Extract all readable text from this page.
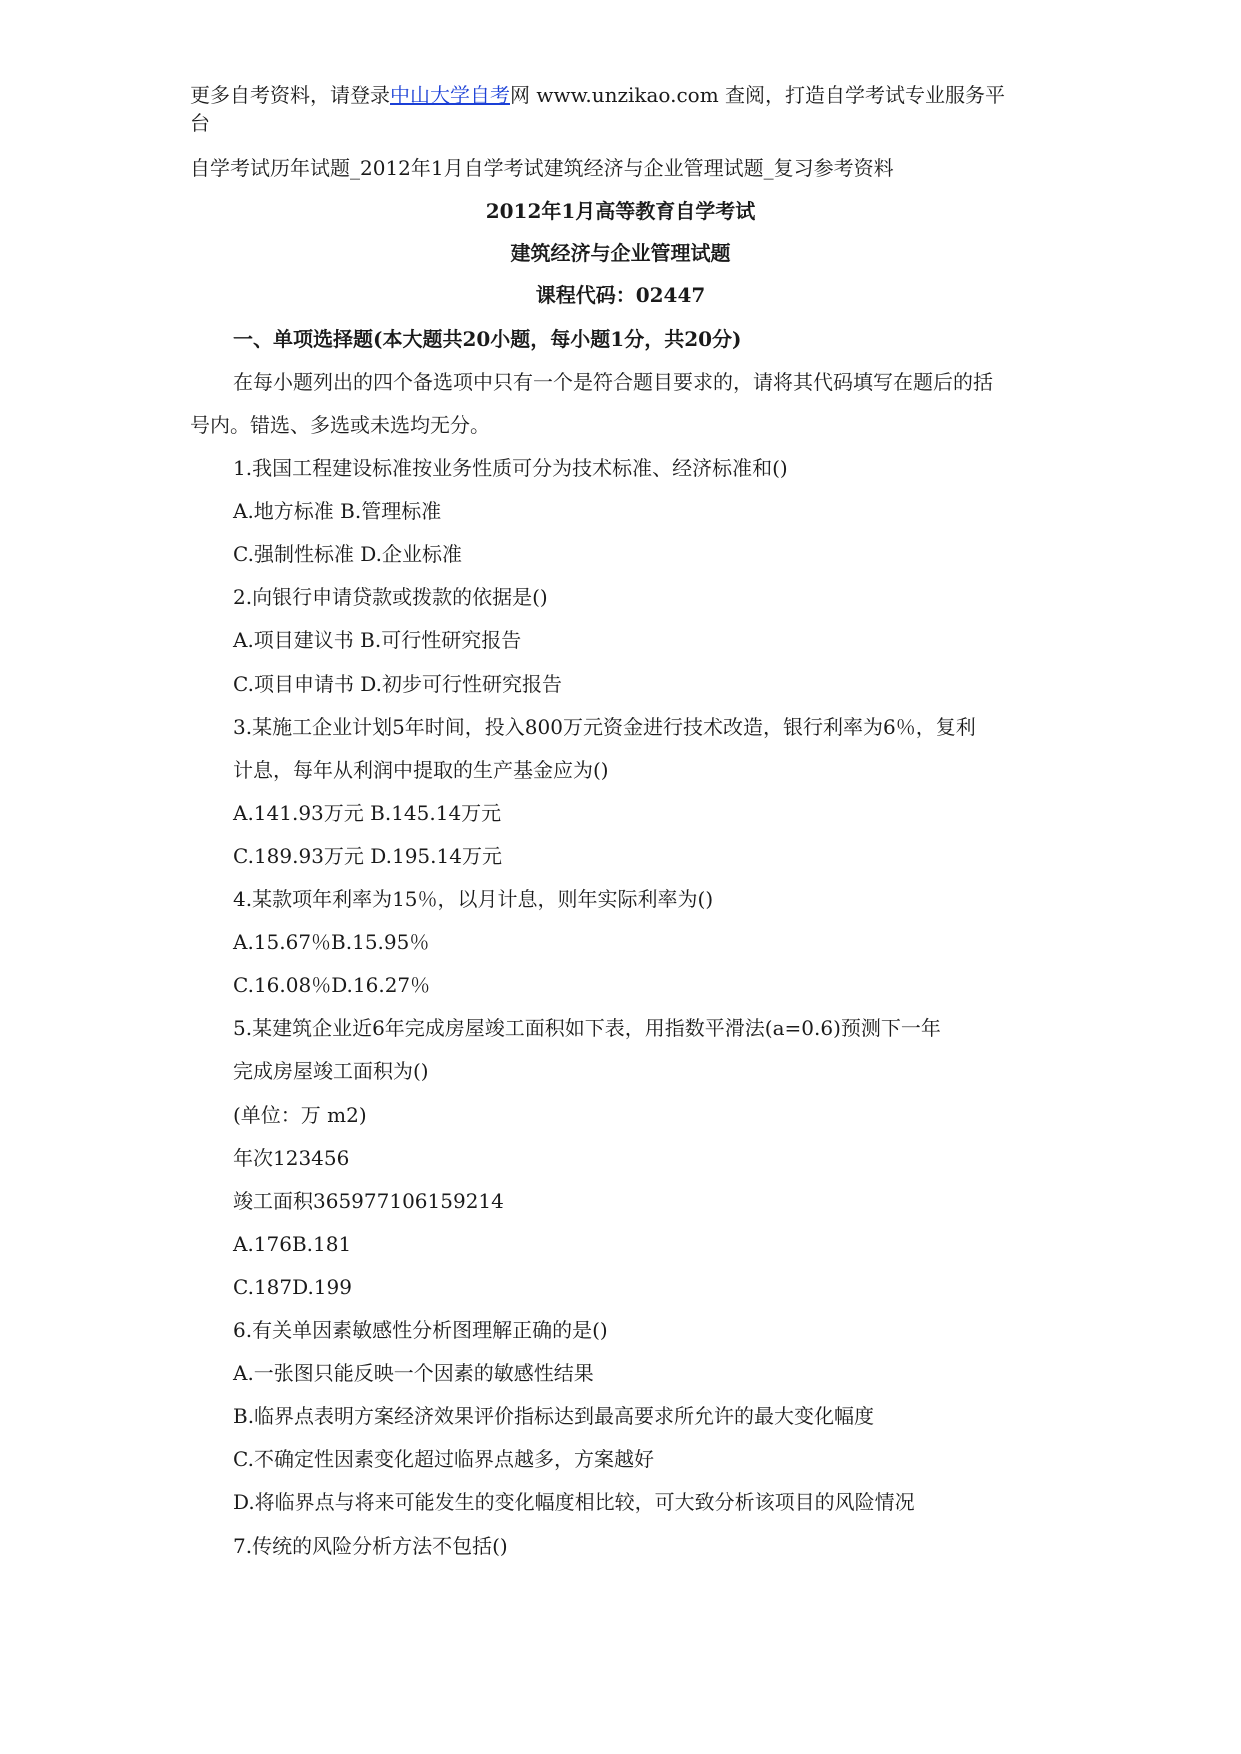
更多自考资料，请登录中山大学自考网 www.unzikao.com 查阅，打造自学考试专业服务平
台
自学考试历年试题_2012年1月自学考试建筑经济与企业管理试题_复习参考资料
2012年1月高等教育自学考试
建筑经济与企业管理试题
课程代码：02447
一、单项选择题(本大题共20小题，每小题1分，共20分)
在每小题列出的四个备选项中只有一个是符合题目要求的，请将其代码填写在题后的括
号内。错选、多选或未选均无分。
1.我国工程建设标准按业务性质可分为技术标准、经济标准和()
A.地方标准 B.管理标准
C.强制性标准 D.企业标准
2.向银行申请贷款或拨款的依据是()
A.项目建议书 B.可行性研究报告
C.项目申请书 D.初步可行性研究报告
3.某施工企业计划5年时间，投入800万元资金进行技术改造，银行利率为6％，复利
计息，每年从利润中提取的生产基金应为()
A.141.93万元 B.145.14万元
C.189.93万元 D.195.14万元
4.某款项年利率为15％，以月计息，则年实际利率为()
A.15.67％B.15.95％
C.16.08％D.16.27％
5.某建筑企业近6年完成房屋竣工面积如下表，用指数平滑法(a=0.6)预测下一年
完成房屋竣工面积为()
(单位：万 m2)
年次123456
竣工面积365977106159214
A.176B.181
C.187D.199
6.有关单因素敏感性分析图理解正确的是()
A.一张图只能反映一个因素的敏感性结果
B.临界点表明方案经济效果评价指标达到最高要求所允许的最大变化幅度
C.不确定性因素变化超过临界点越多，方案越好
D.将临界点与将来可能发生的变化幅度相比较，可大致分析该项目的风险情况
7.传统的风险分析方法不包括()
